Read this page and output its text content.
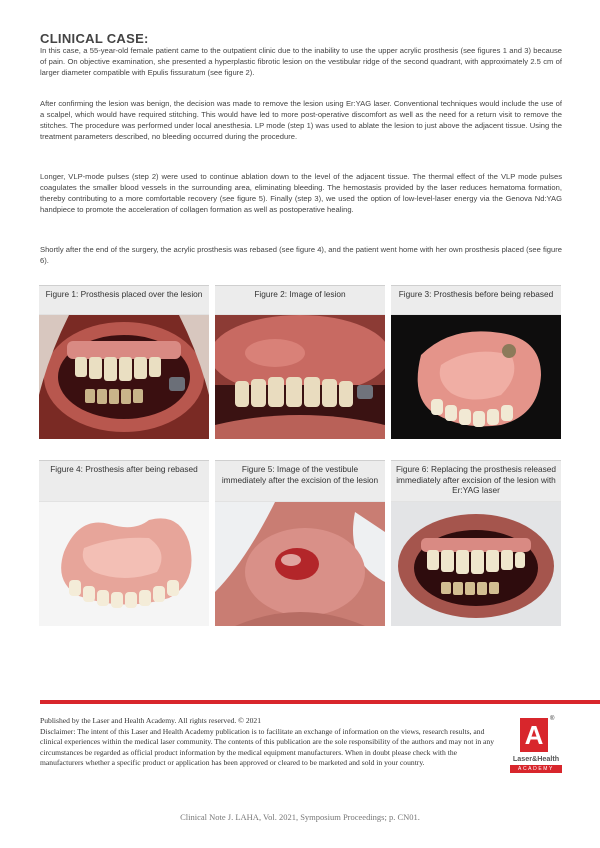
CLINICAL CASE:

In this case, a 55-year-old female patient came to the outpatient clinic due to the inability to use the upper acrylic prosthesis (see figures 1 and 3) because of pain. On objective examination, she presented a hyperplastic fibrotic lesion on the vestibular ridge of the second quadrant, with approximately 2.5 cm of larger diameter compatible with Epulis fissuratum (see figure 2).

After confirming the lesion was benign, the decision was made to remove the lesion using Er:YAG laser. Conventional techniques would include the use of a scalpel, which would have required stitching. This would have led to more post-operative discomfort as well as the need for a return visit to remove the stitches. The procedure was performed under local anesthesia. LP mode (step 1) was used to ablate the lesion to just above the adjacent tissue. Using the treatment parameters described, no bleeding occurred during the procedure.

Longer, VLP-mode pulses (step 2) were used to continue ablation down to the level of the adjacent tissue. The thermal effect of the VLP mode pulses coagulates the smaller blood vessels in the surrounding area, eliminating bleeding. The hemostasis provided by the laser reduces hematoma formation, thereby contributing to a more comfortable recovery (see figure 5). Finally (step 3), we used the option of low-level-laser energy via the Genova Nd:YAG handpiece to promote the acceleration of collagen formation as well as postoperative healing.

Shortly after the end of the surgery, the acrylic prosthesis was rebased (see figure 4), and the patient went home with her own prosthesis placed (see figure 6).

Figure 1: Prosthesis placed over the lesion	Figure 2: Image of lesion	Figure 3: Prosthesis before being rebased
Figure 4: Prosthesis after being rebased	Figure 5: Image of the vestibule immediately after the excision of the lesion
Figure 6: Replacing the prosthesis released immediately after excision of the lesion with Er:YAG laser

Published by the Laser and Health Academy. All rights reserved. © 2021

Disclaimer: The intent of this Laser and Health Academy publication is to facilitate an exchange of information on the views, research results, and clinical experiences within the medical laser community. The contents of this publication are the sole responsibility of the authors and may not in any circumstances be regarded as official product information by the medical equipment manufacturers. When in doubt please check with the manufacturers whether a specific product or application has been approved or cleared to be marketed and sold in your country.

A
®
Laser&Health
ACADEMY
Clinical Note J. LAHA, Vol. 2021, Symposium Proceedings; p. CN01.
